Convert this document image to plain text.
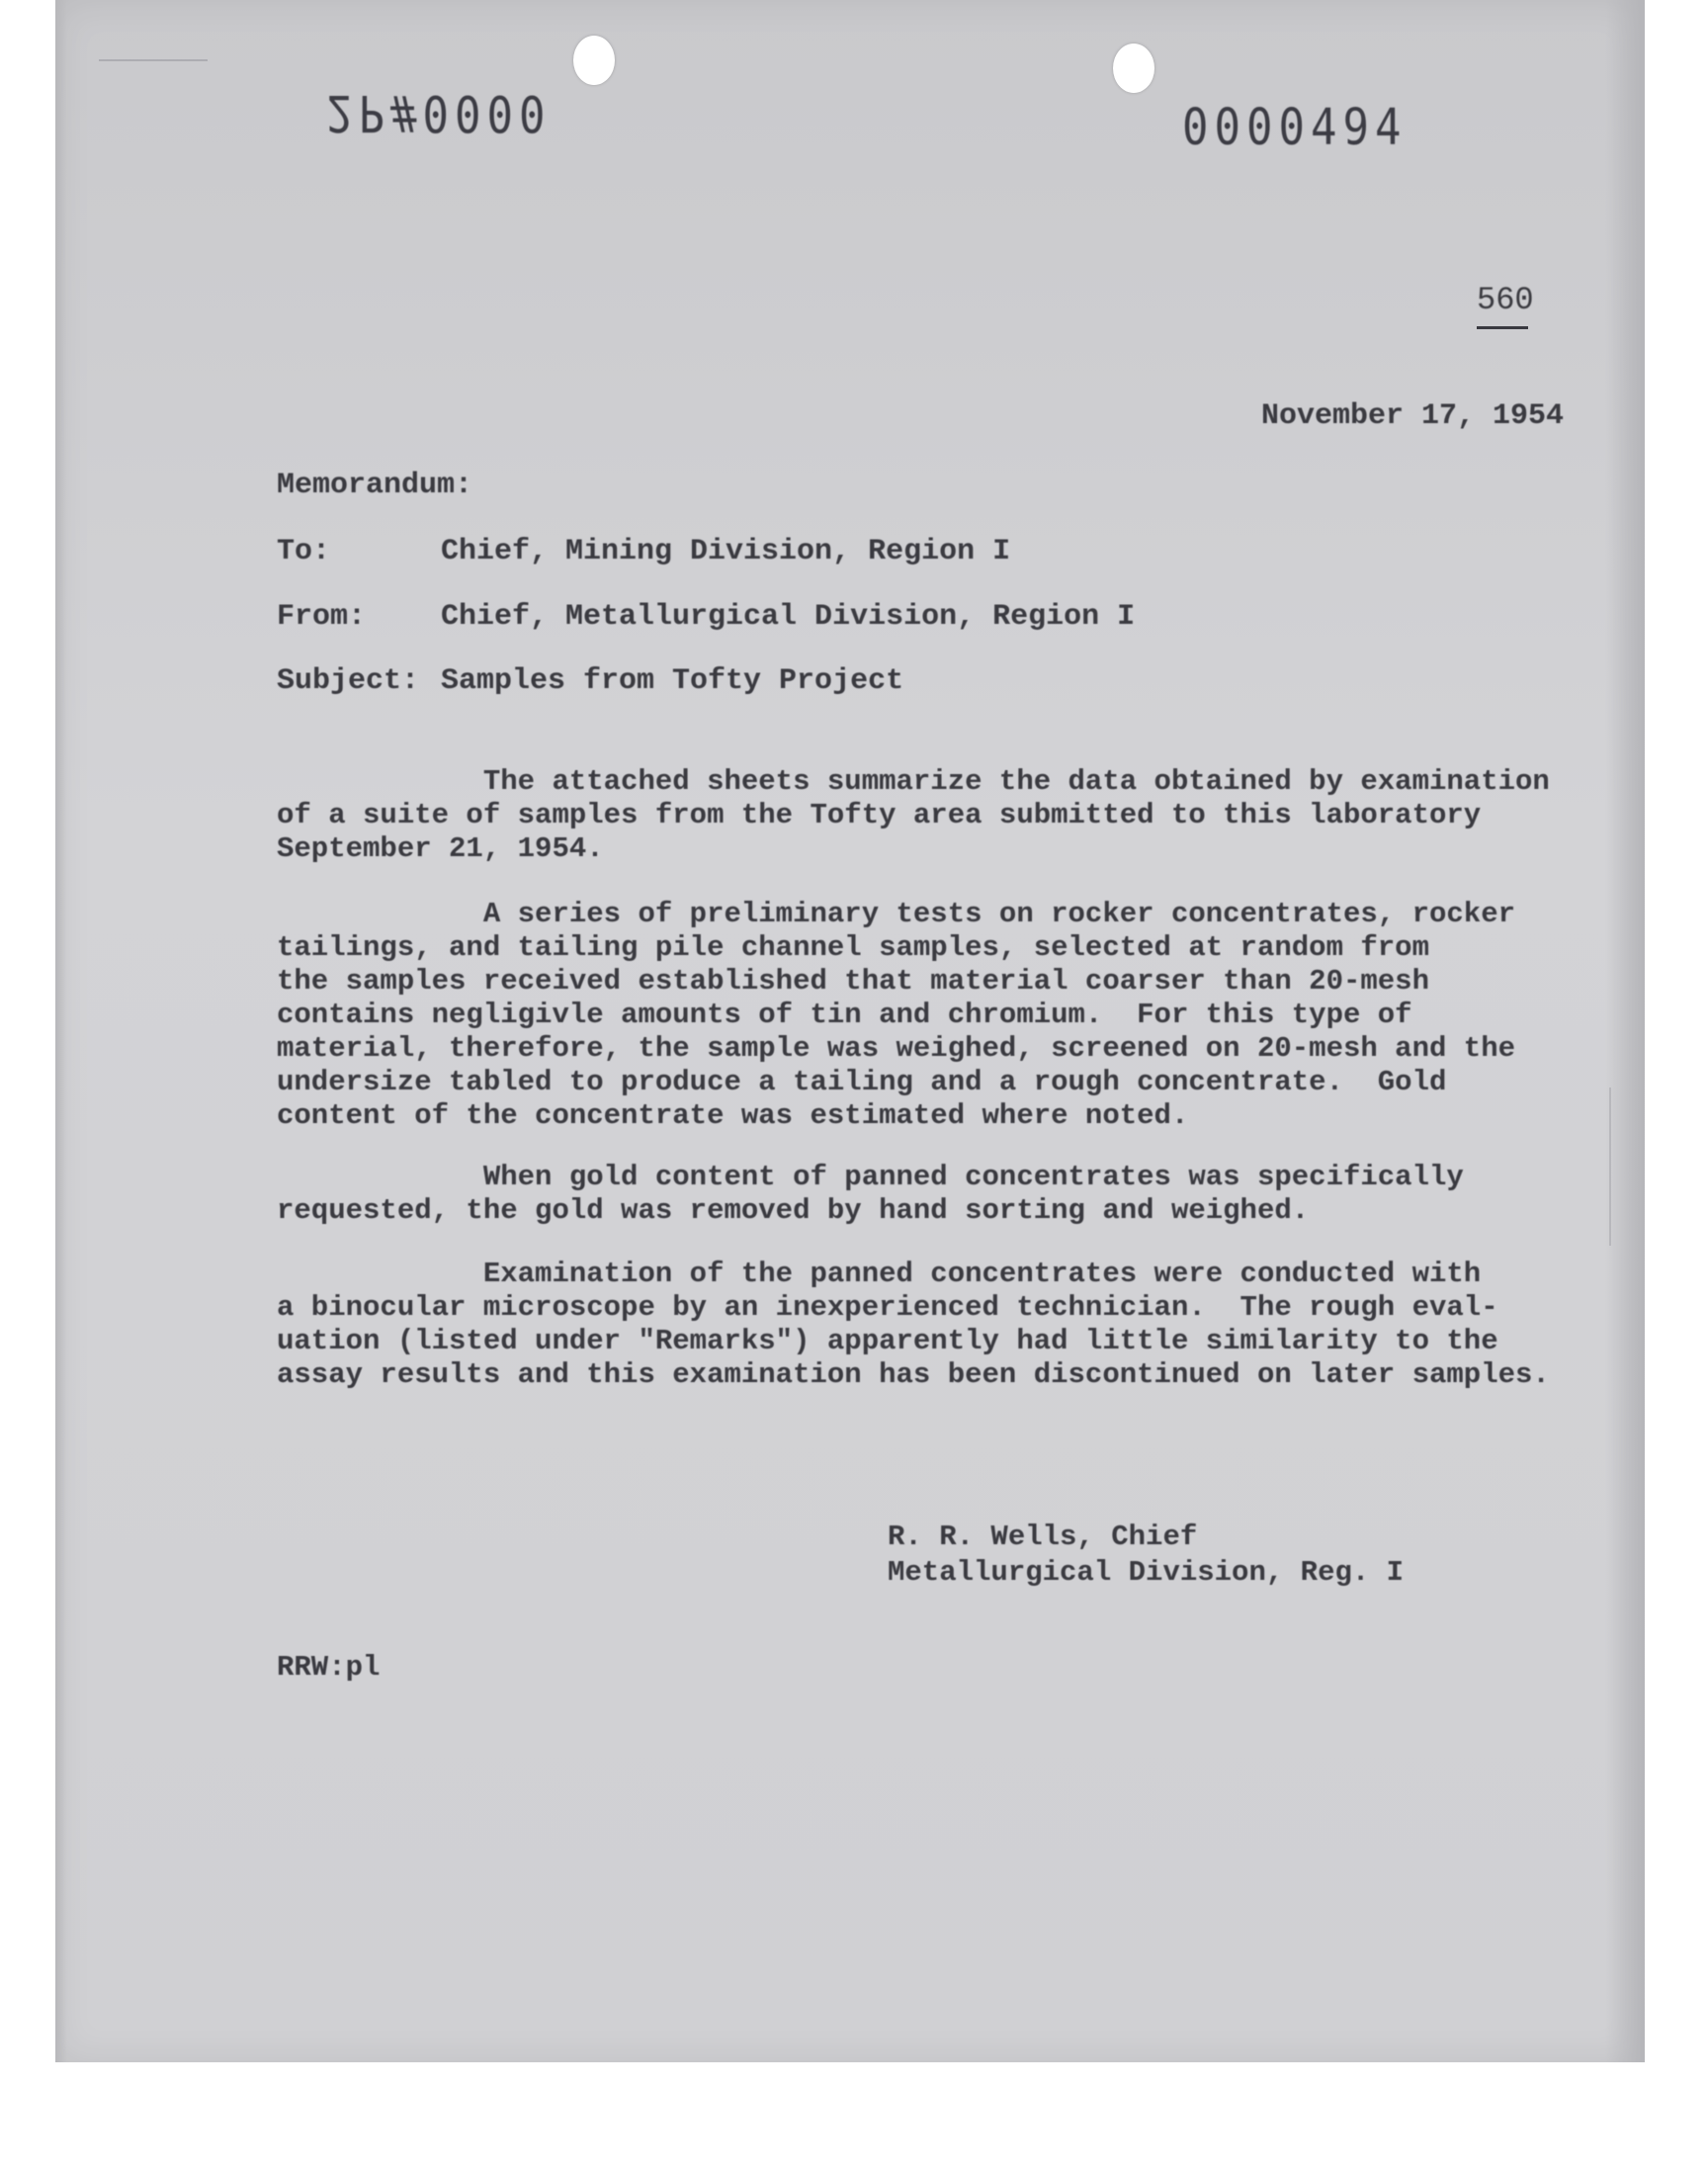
2P#0000	0000494
560
November 17, 1954
Memorandum:
To:	Chief, Mining Division, Region I
From:	Chief, Metallurgical Division, Region I
Subject: Samples from Tofty Project
The attached sheets summarize the data obtained by examination
of a suite of samples from the Tofty area submitted to this laboratory
September 21, 1954.
A series of preliminary tests on rocker concentrates, rocker
tailings, and tailing pile channel samples, selected at random from
the samples received established that material coarser than 20-mesh
contains negligivle amounts of tin and chromium.  For this type of
material, therefore, the sample was weighed, screened on 20-mesh and the
undersize tabled to produce a tailing and a rough concentrate.  Gold
content of the concentrate was estimated where noted.
When gold content of panned concentrates was specifically
requested, the gold was removed by hand sorting and weighed.
Examination of the panned concentrates were conducted with
a binocular microscope by an inexperienced technician.  The rough eval-
uation (listed under "Remarks") apparently had little similarity to the
assay results and this examination has been discontinued on later samples.
R. R. Wells, Chief
Metallurgical Division, Reg. I
RRW:pl
